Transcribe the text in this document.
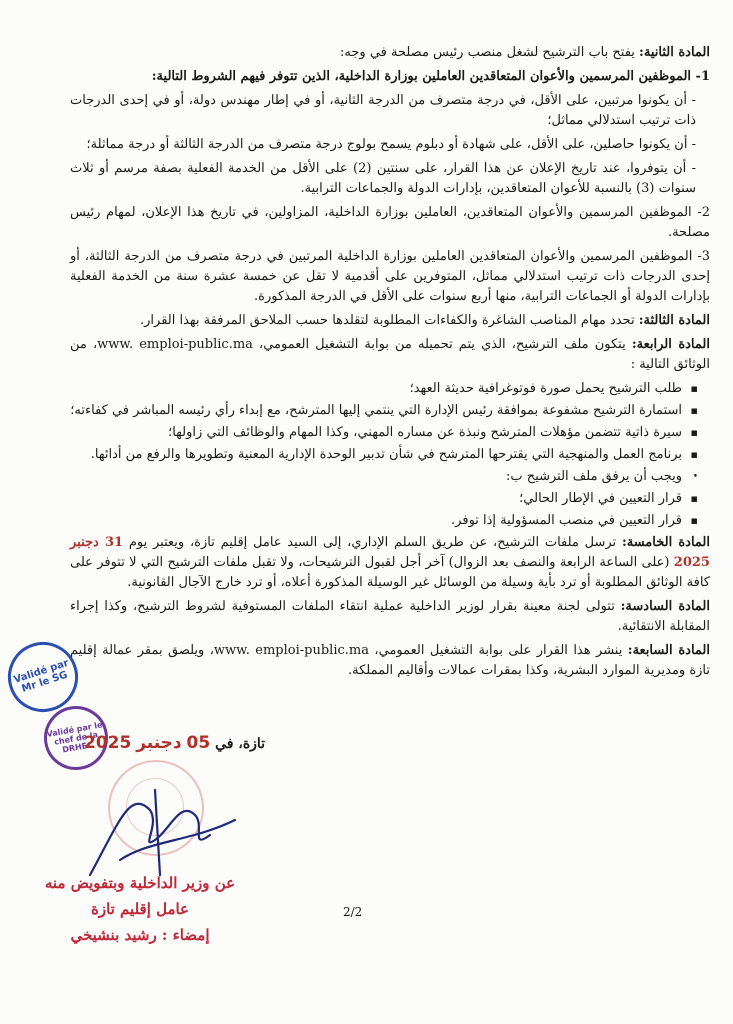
المادة الثانية: يفتح باب الترشيح لشغل منصب رئيس مصلحة في وجه:

1- الموظفين المرسمين والأعوان المتعاقدين العاملين بوزارة الداخلية، الذين تتوفر فيهم الشروط التالية:

- أن يكونوا مرتبين، على الأقل، في درجة متصرف من الدرجة الثانية، أو في إطار مهندس دولة، أو في إحدى الدرجات ذات ترتيب استدلالي مماثل؛

- أن يكونوا حاصلين، على الأقل، على شهادة أو دبلوم يسمح بولوج درجة متصرف من الدرجة الثالثة أو درجة مماثلة؛

- أن يتوفروا، عند تاريخ الإعلان عن هذا القرار، على سنتين (2) على الأقل من الخدمة الفعلية بصفة مرسم أو ثلاث سنوات (3) بالنسبة للأعوان المتعاقدين، بإدارات الدولة والجماعات الترابية.

2- الموظفين المرسمين والأعوان المتعاقدين، العاملين بوزارة الداخلية، المزاولين، في تاريخ هذا الإعلان، لمهام رئيس مصلحة.

3- الموظفين المرسمين والأعوان المتعاقدين العاملين بوزارة الداخلية المرتبين في درجة متصرف من الدرجة الثالثة، أو إحدى الدرجات ذات ترتيب استدلالي مماثل، المتوفرين على أقدمية لا تقل عن خمسة عشرة سنة من الخدمة الفعلية بإدارات الدولة أو الجماعات الترابية، منها أربع سنوات على الأقل في الدرجة المذكورة.

المادة الثالثة: تحدد مهام المناصب الشاغرة والكفاءات المطلوبة لتقلدها حسب الملاحق المرفقة بهذا القرار.

المادة الرابعة: يتكون ملف الترشيح، الذي يتم تحميله من بوابة التشغيل العمومي، www. emploi-public.ma، من الوثائق التالية :

▪ طلب الترشيح يحمل صورة فوتوغرافية حديثة العهد؛
▪ استمارة الترشيح مشفوعة بموافقة رئيس الإدارة التي ينتمي إليها المترشح، مع إبداء رأي رئيسه المباشر في كفاءته؛
▪ سيرة ذاتية تتضمن مؤهلات المترشح ونبذة عن مساره المهني، وكذا المهام والوظائف التي زاولها؛
▪ برنامج العمل والمنهجية التي يقترحها المترشح في شأن تدبير الوحدة الإدارية المعنية وتطويرها والرفع من أدائها.
• ويجب أن يرفق ملف الترشيح ب:
▪ قرار التعيين في الإطار الحالي؛
▪ قرار التعيين في منصب المسؤولية إذا توفر.

المادة الخامسة: ترسل ملفات الترشيح، عن طريق السلم الإداري، إلى السيد عامل إقليم تازة، ويعتبر يوم 31 دجنبر 2025 (على الساعة الرابعة والنصف بعد الزوال) آخر أجل لقبول الترشيحات، ولا تقبل ملفات الترشيح التي لا تتوفر على كافة الوثائق المطلوبة أو ترد بأية وسيلة من الوسائل غير الوسيلة المذكورة أعلاه، أو ترد خارج الآجال القانونية.

المادة السادسة: تتولى لجنة معينة بقرار لوزير الداخلية عملية انتقاء الملفات المستوفية لشروط الترشيح، وكذا إجراء المقابلة الانتقائية.

المادة السابعة: ينشر هذا القرار على بوابة التشغيل العمومي، www. emploi-public.ma، ويلصق بمقر عمالة إقليم تازة ومديرية الموارد البشرية، وكذا بمقرات عمالات وأقاليم المملكة.

Validé par Mr le SG
Validé par le chef de la DRHEC	تازة، في 05 دجنبر 2025
عن وزير الداخلية وبتفويض منه
عامل إقليم تازة
إمضاء : رشيد بنشيخي
2/2
